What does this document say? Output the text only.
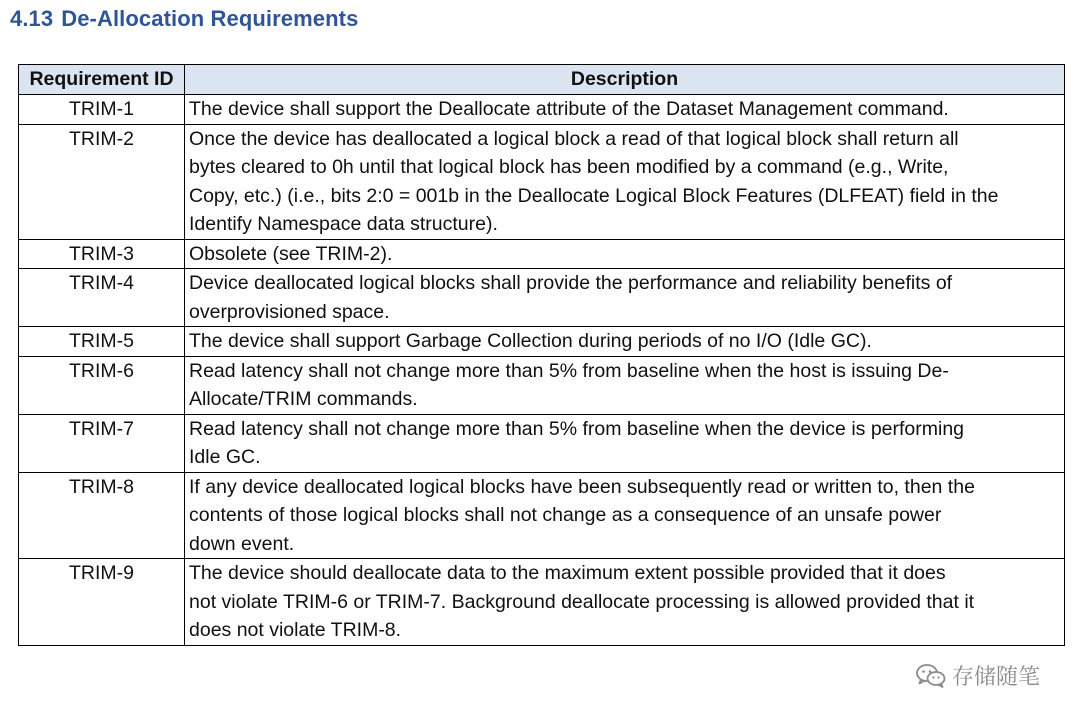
4.13 De-Allocation Requirements
Requirement ID	Description
TRIM-1	The device shall support the Deallocate attribute of the Dataset Management command.
TRIM-2	Once the device has deallocated a logical block a read of that logical block shall return all
bytes cleared to 0h until that logical block has been modified by a command (e.g., Write,
Copy, etc.) (i.e., bits 2:0 = 001b in the Deallocate Logical Block Features (DLFEAT) field in the
Identify Namespace data structure).
TRIM-3	Obsolete (see TRIM-2).
TRIM-4	Device deallocated logical blocks shall provide the performance and reliability benefits of
overprovisioned space.
TRIM-5	The device shall support Garbage Collection during periods of no I/O (Idle GC).
TRIM-6	Read latency shall not change more than 5% from baseline when the host is issuing De-
Allocate/TRIM commands.
TRIM-7	Read latency shall not change more than 5% from baseline when the device is performing
Idle GC.
TRIM-8	If any device deallocated logical blocks have been subsequently read or written to, then the
contents of those logical blocks shall not change as a consequence of an unsafe power
down event.
TRIM-9	The device should deallocate data to the maximum extent possible provided that it does
not violate TRIM-6 or TRIM-7. Background deallocate processing is allowed provided that it
does not violate TRIM-8.
存储随笔
